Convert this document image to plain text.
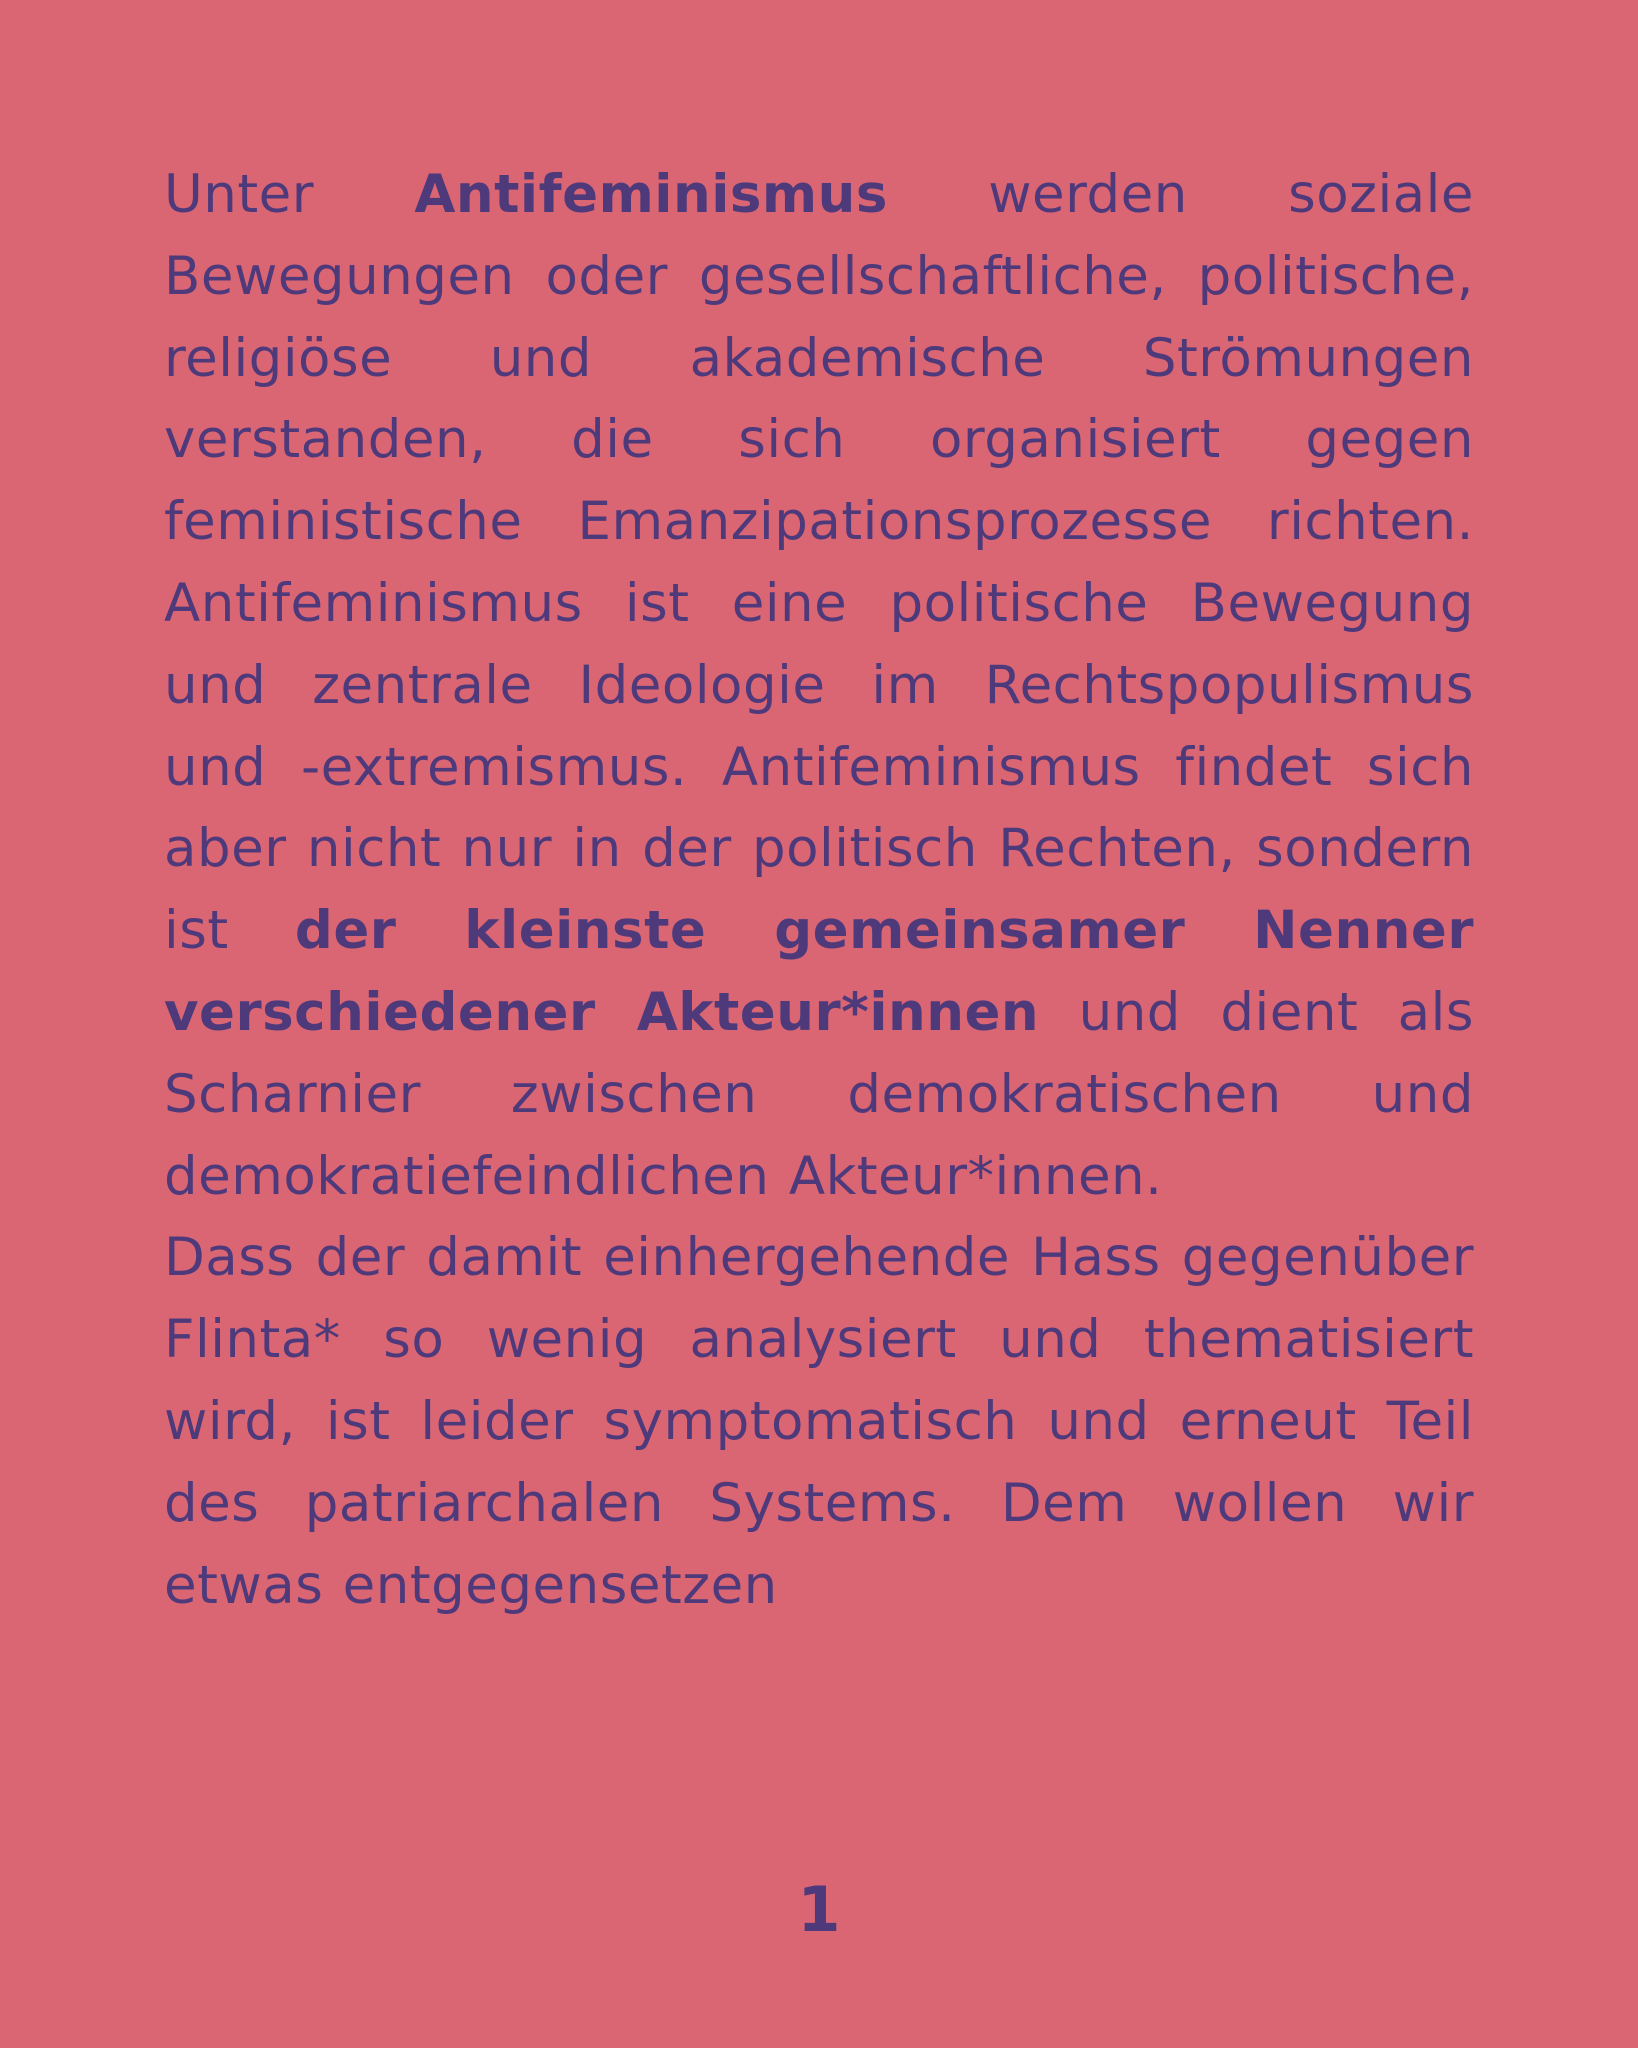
Unter Antifeminismus werden soziale Bewegungen oder gesellschaftliche, politische, religiöse und akademische Strömungen verstanden, die sich organisiert gegen feministische Emanzipationsprozesse richten. Antifeminismus ist eine politische Bewegung und zentrale Ideologie im Rechtspopulismus und -extremismus. Antifeminismus findet sich aber nicht nur in der politisch Rechten, sondern ist der kleinste gemeinsamer Nenner verschiedener Akteur*innen und dient als Scharnier zwischen demokratischen und demokratiefeindlichen Akteur*innen.

Dass der damit einhergehende Hass gegenüber Flinta* so wenig analysiert und thematisiert wird, ist leider symptomatisch und erneut Teil des patriarchalen Systems. Dem wollen wir etwas entgegensetzen

1
